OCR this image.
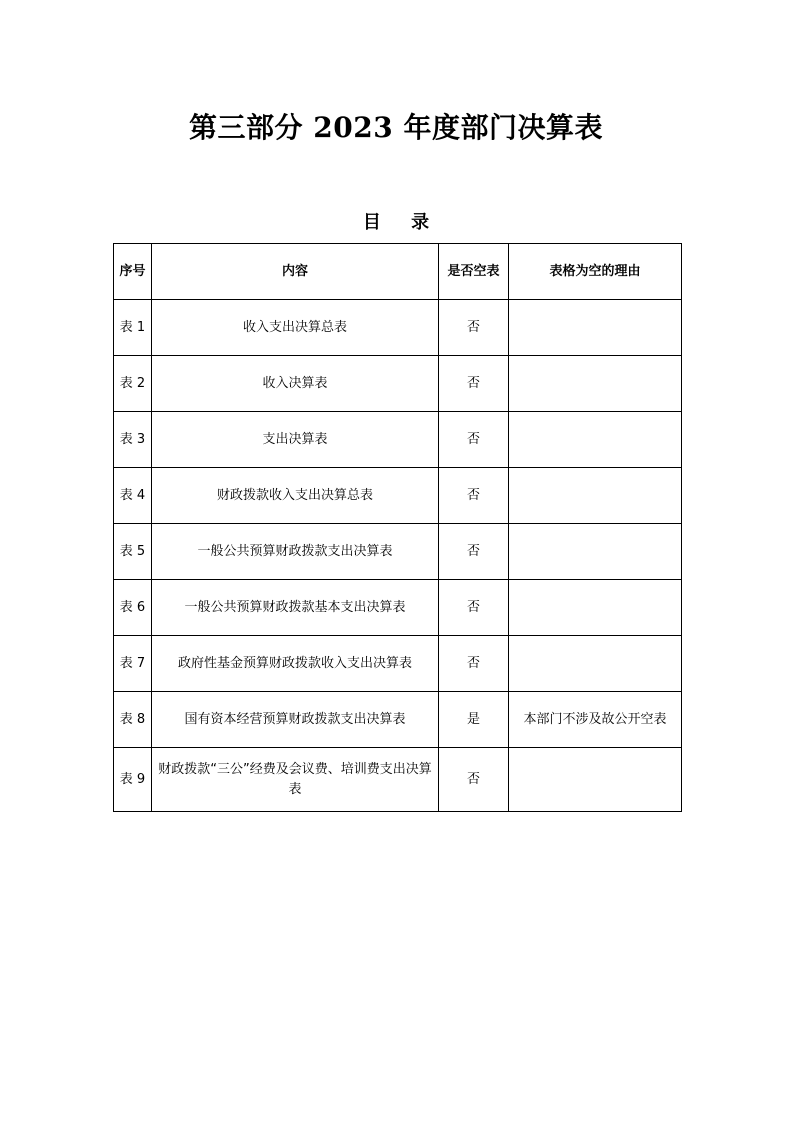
第三部分 2023 年度部门决算表
目 录
序号	内容	是否空表	表格为空的理由
表 1	收入支出决算总表	否	
表 2	收入决算表	否	
表 3	支出决算表	否	
表 4	财政拨款收入支出决算总表	否	
表 5	一般公共预算财政拨款支出决算表	否	
表 6	一般公共预算财政拨款基本支出决算表	否	
表 7	政府性基金预算财政拨款收入支出决算表	否	
表 8	国有资本经营预算财政拨款支出决算表	是	本部门不涉及故公开空表
表 9	财政拨款“三公”经费及会议费、培训费支出决算表	否	
